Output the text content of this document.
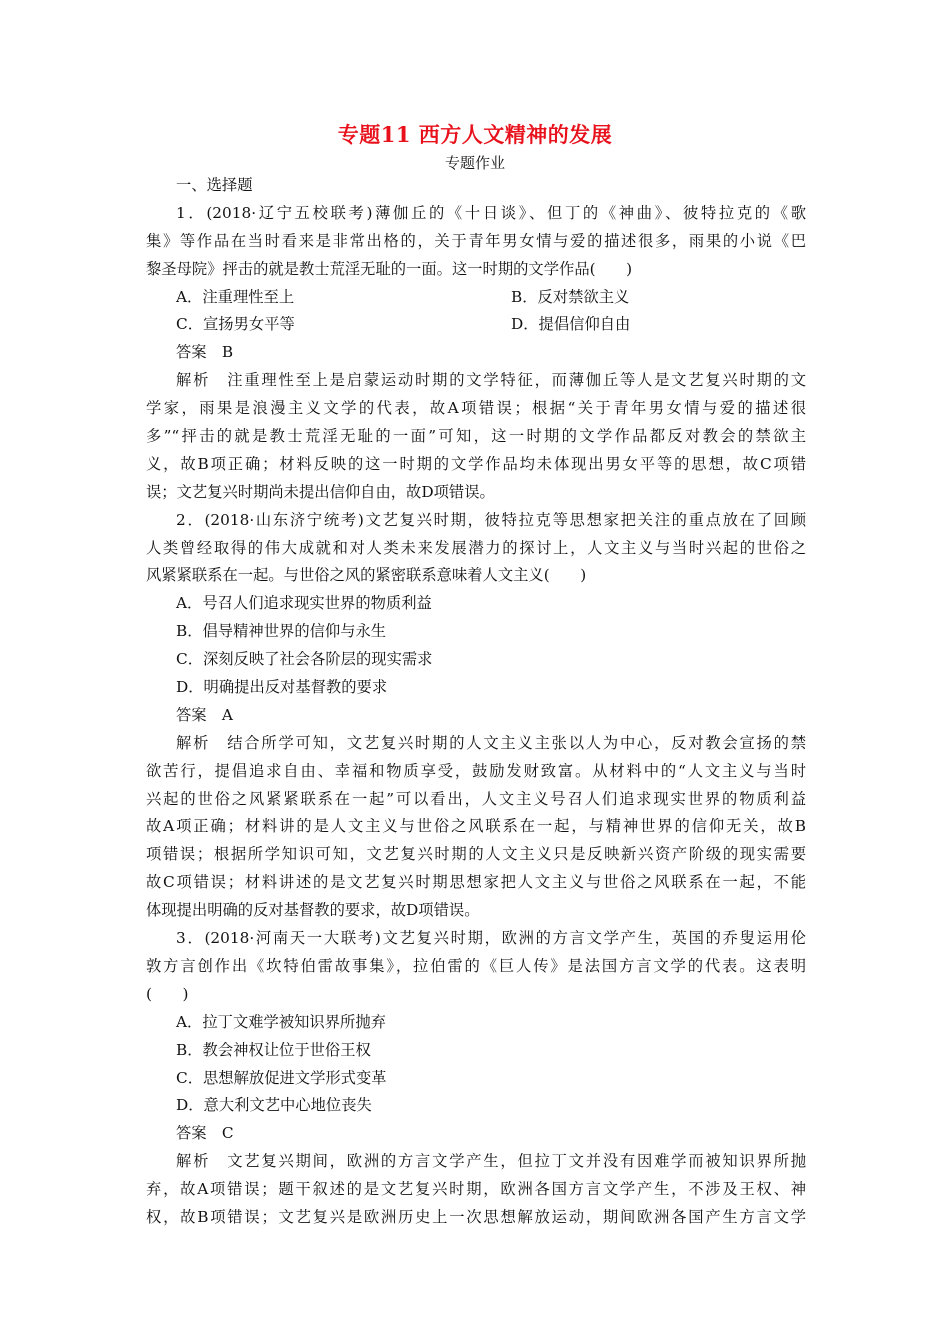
专题11 西方人文精神的发展
专题作业
一、选择题
1．(2018·辽宁五校联考)薄伽丘的《十日谈》、但丁的《神曲》、彼特拉克的《歌
集》等作品在当时看来是非常出格的，关于青年男女情与爱的描述很多，雨果的小说《巴
黎圣母院》抨击的就是教士荒淫无耻的一面。这一时期的文学作品(　　)
A．注重理性至上	B．反对禁欲主义
C．宣扬男女平等	D．提倡信仰自由
答案　B
解析　注重理性至上是启蒙运动时期的文学特征，而薄伽丘等人是文艺复兴时期的文
学家，雨果是浪漫主义文学的代表，故A项错误；根据“关于青年男女情与爱的描述很
多”“抨击的就是教士荒淫无耻的一面”可知，这一时期的文学作品都反对教会的禁欲主
义，故B项正确；材料反映的这一时期的文学作品均未体现出男女平等的思想，故C项错
误；文艺复兴时期尚未提出信仰自由，故D项错误。
2．(2018·山东济宁统考)文艺复兴时期，彼特拉克等思想家把关注的重点放在了回顾
人类曾经取得的伟大成就和对人类未来发展潜力的探讨上，人文主义与当时兴起的世俗之
风紧紧联系在一起。与世俗之风的紧密联系意味着人文主义(　　)
A．号召人们追求现实世界的物质利益
B．倡导精神世界的信仰与永生
C．深刻反映了社会各阶层的现实需求
D．明确提出反对基督教的要求
答案　A
解析　结合所学可知，文艺复兴时期的人文主义主张以人为中心，反对教会宣扬的禁
欲苦行，提倡追求自由、幸福和物质享受，鼓励发财致富。从材料中的“人文主义与当时
兴起的世俗之风紧紧联系在一起”可以看出，人文主义号召人们追求现实世界的物质利益
故A项正确；材料讲的是人文主义与世俗之风联系在一起，与精神世界的信仰无关，故B
项错误；根据所学知识可知，文艺复兴时期的人文主义只是反映新兴资产阶级的现实需要
故C项错误；材料讲述的是文艺复兴时期思想家把人文主义与世俗之风联系在一起，不能
体现提出明确的反对基督教的要求，故D项错误。
3．(2018·河南天一大联考)文艺复兴时期，欧洲的方言文学产生，英国的乔叟运用伦
敦方言创作出《坎特伯雷故事集》，拉伯雷的《巨人传》是法国方言文学的代表。这表明
(　　)
A．拉丁文难学被知识界所抛弃
B．教会神权让位于世俗王权
C．思想解放促进文学形式变革
D．意大利文艺中心地位丧失
答案　C
解析　文艺复兴期间，欧洲的方言文学产生，但拉丁文并没有因难学而被知识界所抛
弃，故A项错误；题干叙述的是文艺复兴时期，欧洲各国方言文学产生，不涉及王权、神
权，故B项错误；文艺复兴是欧洲历史上一次思想解放运动，期间欧洲各国产生方言文学
